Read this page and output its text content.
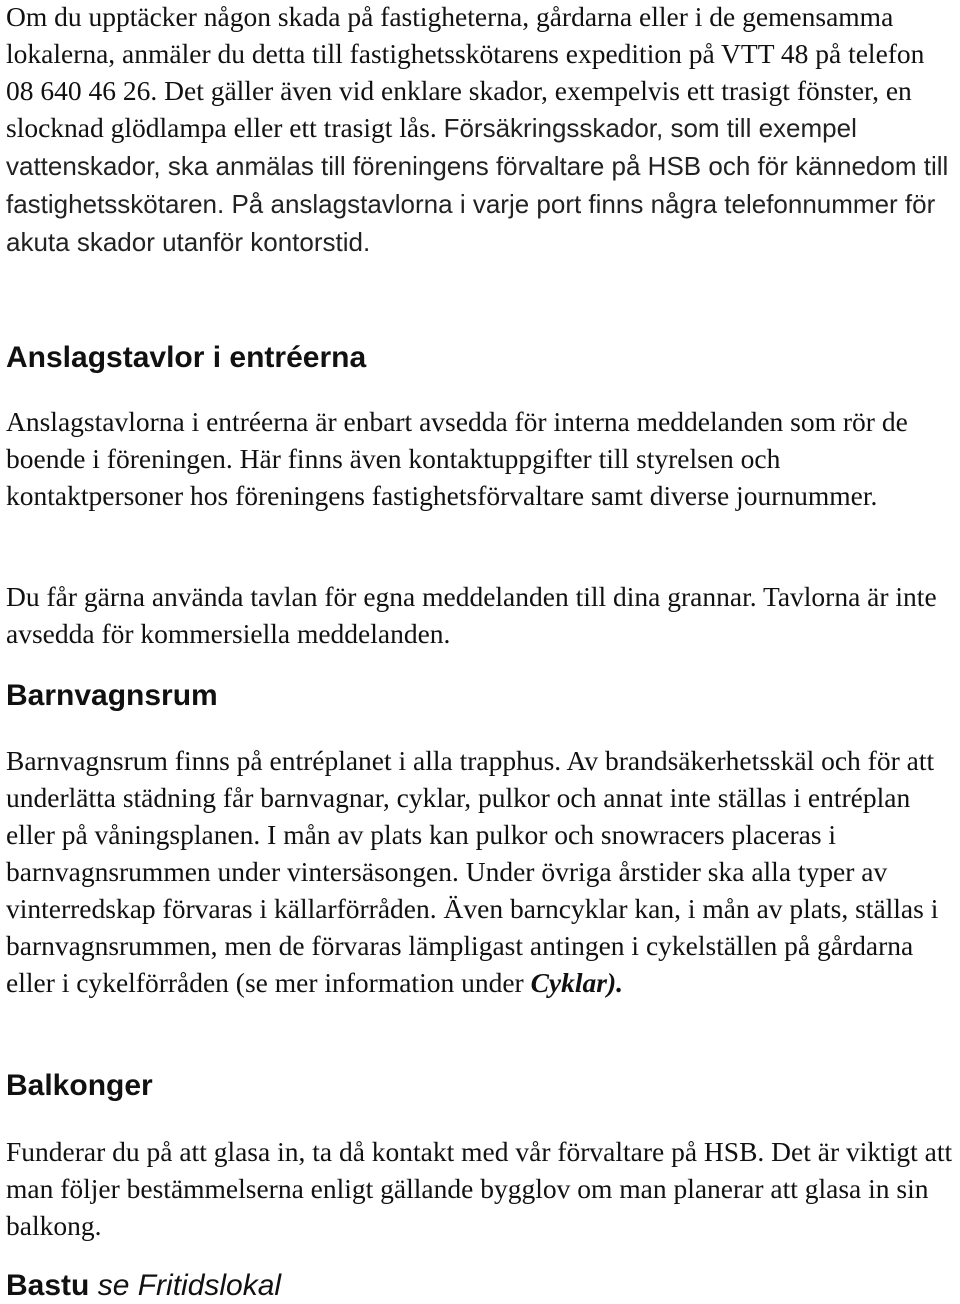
Om du upptäcker någon skada på fastigheterna, gårdarna eller i de gemensamma lokalerna, anmäler du detta till fastighetsskötarens expedition på VTT 48 på telefon 08 640 46 26. Det gäller även vid enklare skador, exempelvis ett trasigt fönster, en slocknad glödlampa eller ett trasigt lås. Försäkringsskador, som till exempel vattenskador, ska anmälas till föreningens förvaltare på HSB och för kännedom till fastighetsskötaren. På anslagstavlorna i varje port finns några telefonnummer för akuta skador utanför kontorstid.

Anslagstavlor i entréerna

Anslagstavlorna i entréerna är enbart avsedda för interna meddelanden som rör de boende i föreningen. Här finns även kontaktuppgifter till styrelsen och kontaktpersoner hos föreningens fastighetsförvaltare samt diverse journummer.

Du får gärna använda tavlan för egna meddelanden till dina grannar. Tavlorna är inte avsedda för kommersiella meddelanden.

Barnvagnsrum

Barnvagnsrum finns på entréplanet i alla trapphus. Av brandsäkerhetsskäl och för att underlätta städning får barnvagnar, cyklar, pulkor och annat inte ställas i entréplan eller på våningsplanen. I mån av plats kan pulkor och snowracers placeras i barnvagnsrummen under vintersäsongen. Under övriga årstider ska alla typer av vinterredskap förvaras i källarförråden. Även barncyklar kan, i mån av plats, ställas i barnvagnsrummen, men de förvaras lämpligast antingen i cykelställen på gårdarna eller i cykelförråden (se mer information under Cyklar).

Balkonger

Funderar du på att glasa in, ta då kontakt med vår förvaltare på HSB. Det är viktigt att man följer bestämmelserna enligt gällande bygglov om man planerar att glasa in sin balkong.

Bastu se Fritidslokal
